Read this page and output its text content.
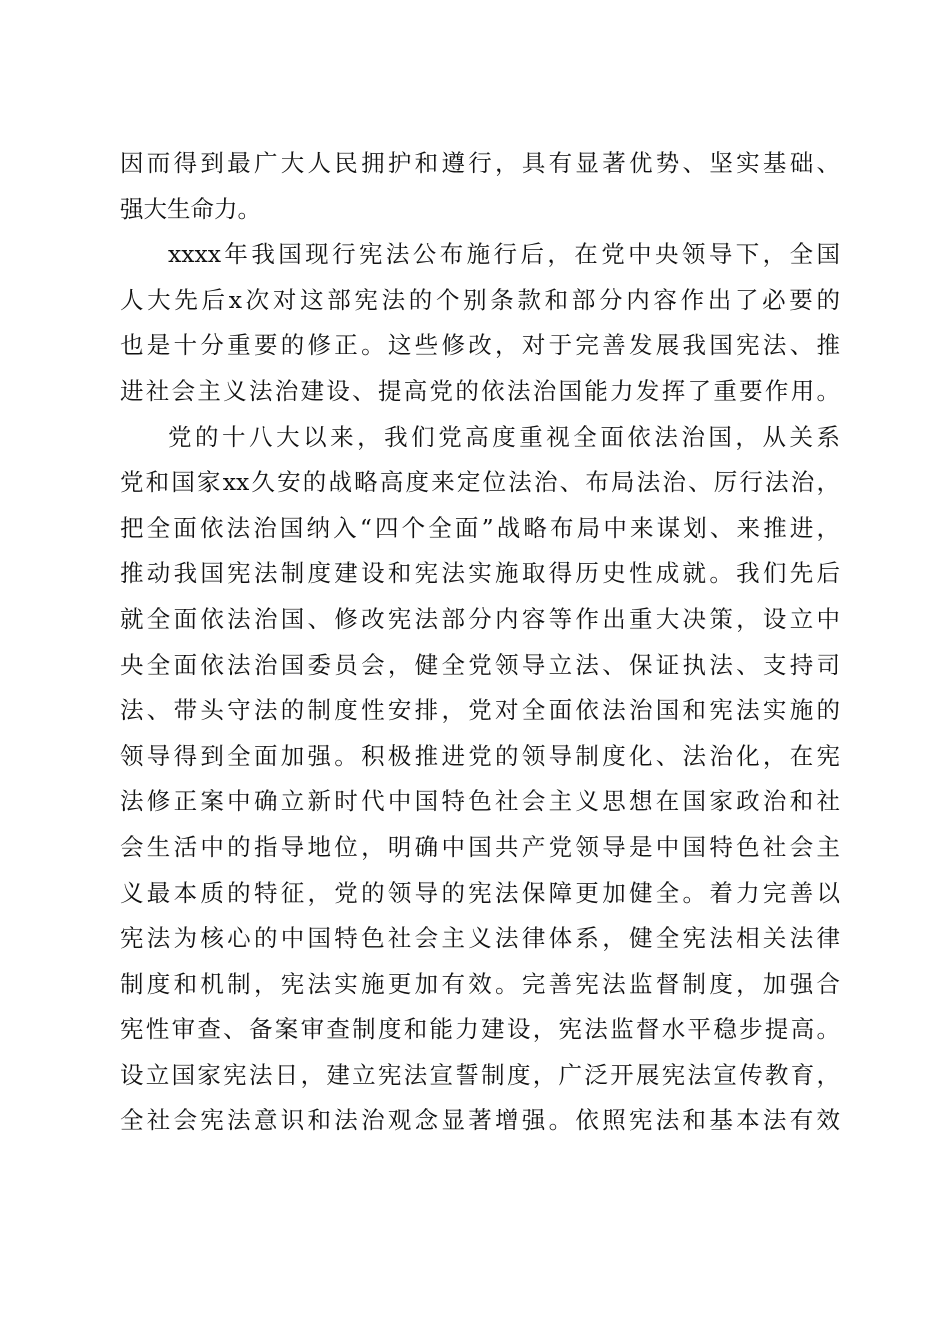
因而得到最广大人民拥护和遵行，具有显著优势、坚实基础、
强大生命力。
xxxx年我国现行宪法公布施行后，在党中央领导下，全国
人大先后x次对这部宪法的个别条款和部分内容作出了必要的
也是十分重要的修正。这些修改，对于完善发展我国宪法、推
进社会主义法治建设、提高党的依法治国能力发挥了重要作用。
党的十八大以来，我们党高度重视全面依法治国，从关系
党和国家xx久安的战略高度来定位法治、布局法治、厉行法治，
把全面依法治国纳入“四个全面”战略布局中来谋划、来推进，
推动我国宪法制度建设和宪法实施取得历史性成就。我们先后
就全面依法治国、修改宪法部分内容等作出重大决策，设立中
央全面依法治国委员会，健全党领导立法、保证执法、支持司
法、带头守法的制度性安排，党对全面依法治国和宪法实施的
领导得到全面加强。积极推进党的领导制度化、法治化，在宪
法修正案中确立新时代中国特色社会主义思想在国家政治和社
会生活中的指导地位，明确中国共产党领导是中国特色社会主
义最本质的特征，党的领导的宪法保障更加健全。着力完善以
宪法为核心的中国特色社会主义法律体系，健全宪法相关法律
制度和机制，宪法实施更加有效。完善宪法监督制度，加强合
宪性审查、备案审查制度和能力建设，宪法监督水平稳步提高。
设立国家宪法日，建立宪法宣誓制度，广泛开展宪法宣传教育，
全社会宪法意识和法治观念显著增强。依照宪法和基本法有效
